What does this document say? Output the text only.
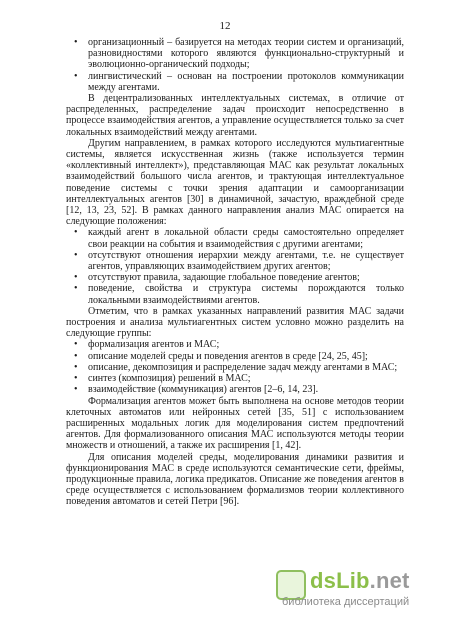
12
• организационный – базируется на методах теории систем и организаций, разновидностями которого являются функционально-структурный и эволюционно-органический подходы;
• лингвистический – основан на построении протоколов коммуникации между агентами.

В децентрализованных интеллектуальных системах, в отличие от распределенных, распределение задач происходит непосредственно в процессе взаимодействия агентов, а управление осуществляется только за счет локальных взаимодействий между агентами.

Другим направлением, в рамках которого исследуются мультиагентные системы, является искусственная жизнь (также используется термин «коллективный интеллект»), представляющая МАС как результат локальных взаимодействий большого числа агентов, и трактующая интеллектуальное поведение системы с точки зрения адаптации и самоорганизации интеллектуальных агентов [30] в динамичной, зачастую, враждебной среде [12, 13, 23, 52]. В рамках данного направления анализ МАС опирается на следующие положения:

• каждый агент в локальной области среды самостоятельно определяет свои реакции на события и взаимодействия с другими агентами;
• отсутствуют отношения иерархии между агентами, т.е. не существует агентов, управляющих взаимодействием других агентов;
• отсутствуют правила, задающие глобальное поведение агентов;
• поведение, свойства и структура системы порождаются только локальными взаимодействиями агентов.

Отметим, что в рамках указанных направлений развития МАС задачи построения и анализа мультиагентных систем условно можно разделить на следующие группы:

• формализация агентов и МАС;
• описание моделей среды и поведения агентов в среде [24, 25, 45];
• описание, декомпозиция и распределение задач между агентами в МАС;
• синтез (композиция) решений в МАС;
• взаимодействие (коммуникация) агентов [2–6, 14, 23].

Формализация агентов может быть выполнена на основе методов теории клеточных автоматов или нейронных сетей [35, 51] с использованием расширенных модальных логик для моделирования систем предпочтений агентов. Для формализованного описания МАС используются методы теории множеств и отношений, а также их расширения [1, 42].

Для описания моделей среды, моделирования динамики развития и функционирования МАС в среде используются семантические сети, фреймы, продукционные правила, логика предикатов. Описание же поведения агентов в среде осуществляется с использованием формализмов теории коллективного поведения автоматов и сетей Петри [96].

dsLib.net
библиотека диссертаций
